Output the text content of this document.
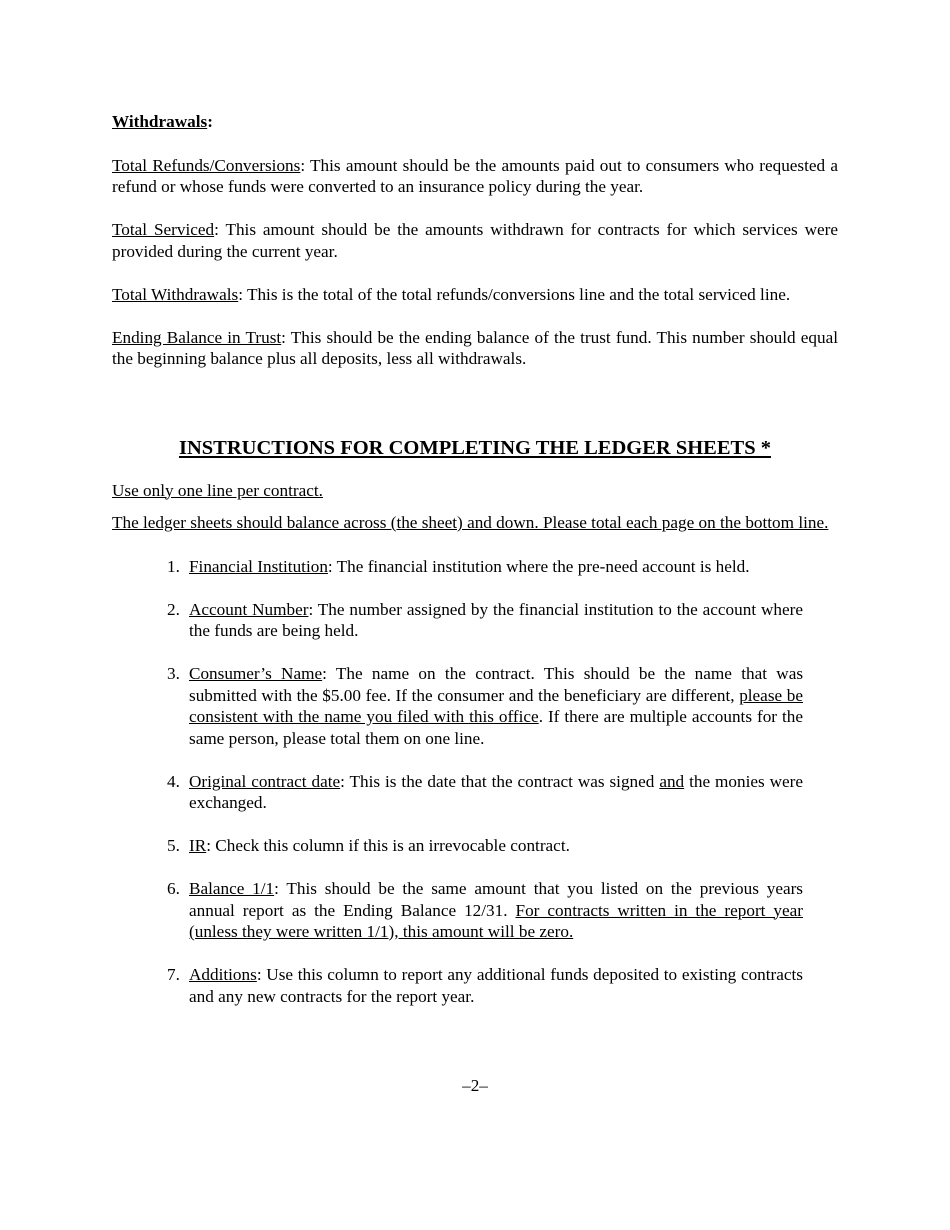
Withdrawals:

Total Refunds/Conversions: This amount should be the amounts paid out to consumers who requested a refund or whose funds were converted to an insurance policy during the year.

Total Serviced: This amount should be the amounts withdrawn for contracts for which services were provided during the current year.

Total Withdrawals: This is the total of the total refunds/conversions line and the total serviced line.

Ending Balance in Trust: This should be the ending balance of the trust fund. This number should equal the beginning balance plus all deposits, less all withdrawals.

INSTRUCTIONS FOR COMPLETING THE LEDGER SHEETS *

Use only one line per contract.

The ledger sheets should balance across (the sheet) and down. Please total each page on the bottom line.

1. Financial Institution: The financial institution where the pre-need account is held.
2. Account Number: The number assigned by the financial institution to the account where the funds are being held.
3. Consumer’s Name: The name on the contract. This should be the name that was submitted with the $5.00 fee. If the consumer and the beneficiary are different, please be consistent with the name you filed with this office. If there are multiple accounts for the same person, please total them on one line.
4. Original contract date: This is the date that the contract was signed and the monies were exchanged.
5. IR: Check this column if this is an irrevocable contract.
6. Balance 1/1: This should be the same amount that you listed on the previous years annual report as the Ending Balance 12/31. For contracts written in the report year (unless they were written 1/1), this amount will be zero.
7. Additions: Use this column to report any additional funds deposited to existing contracts and any new contracts for the report year.
–2–
